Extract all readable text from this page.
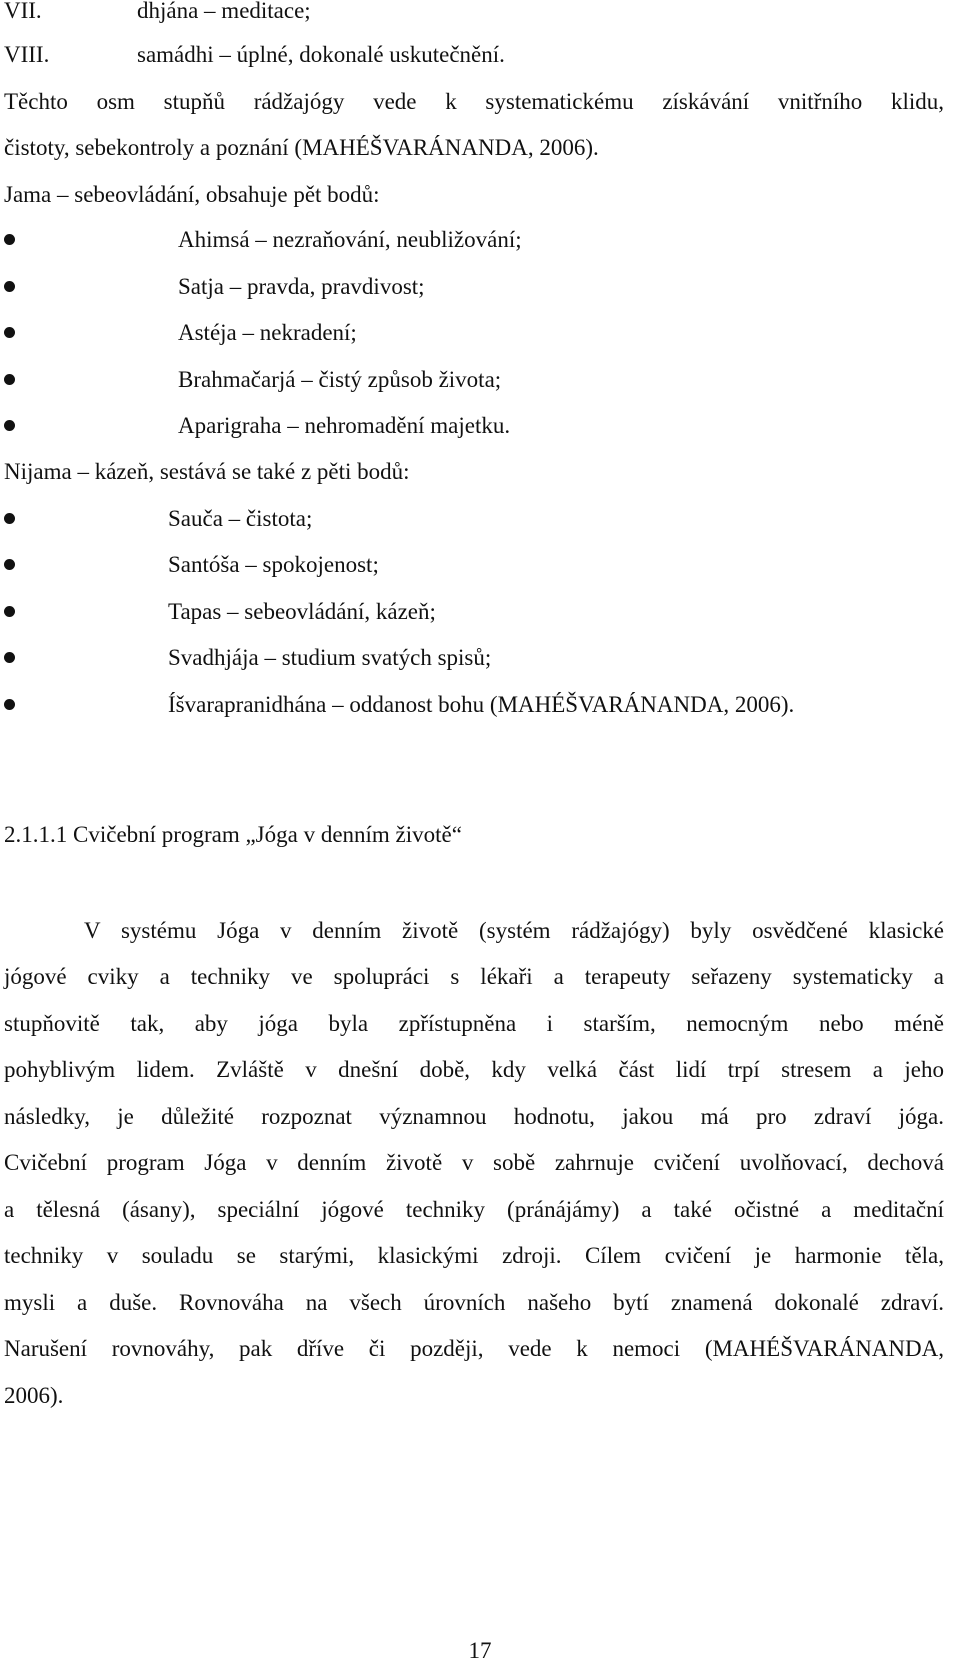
VII.	dhjána – meditace;
VIII.	samádhi – úplné, dokonalé uskutečnění.
Těchto osm stupňů rádžajógy vede k systematickému získávání vnitřního klidu,
čistoty, sebekontroly a poznání (MAHÉŠVARÁNANDA, 2006).
Jama – sebeovládání, obsahuje pět bodů:
Ahimsá – nezraňování, neubližování;
Satja – pravda, pravdivost;
Astéja – nekradení;
Brahmačarjá – čistý způsob života;
Aparigraha – nehromadění majetku.
Nijama – kázeň, sestává se také z pěti bodů:
Sauča – čistota;
Santóša – spokojenost;
Tapas – sebeovládání, kázeň;
Svadhjája – studium svatých spisů;
Íšvarapranidhána – oddanost bohu (MAHÉŠVARÁNANDA, 2006).
2.1.1.1 Cvičební program „Jóga v denním životě“
V systému Jóga v denním životě (systém rádžajógy) byly osvědčené klasické
jógové cviky a techniky ve spolupráci s lékaři a terapeuty seřazeny systematicky a
stupňovitě tak, aby jóga byla zpřístupněna i starším, nemocným nebo méně
pohyblivým lidem. Zvláště v dnešní době, kdy velká část lidí trpí stresem a jeho
následky, je důležité rozpoznat významnou hodnotu, jakou má pro zdraví jóga.
Cvičební program Jóga v denním životě v sobě zahrnuje cvičení uvolňovací, dechová
a tělesná (ásany), speciální jógové techniky (pránájámy) a také očistné a meditační
techniky v souladu se starými, klasickými zdroji. Cílem cvičení je harmonie těla,
mysli a duše. Rovnováha na všech úrovních našeho bytí znamená dokonalé zdraví.
Narušení rovnováhy, pak dříve či později, vede k nemoci (MAHÉŠVARÁNANDA,
2006).
17
